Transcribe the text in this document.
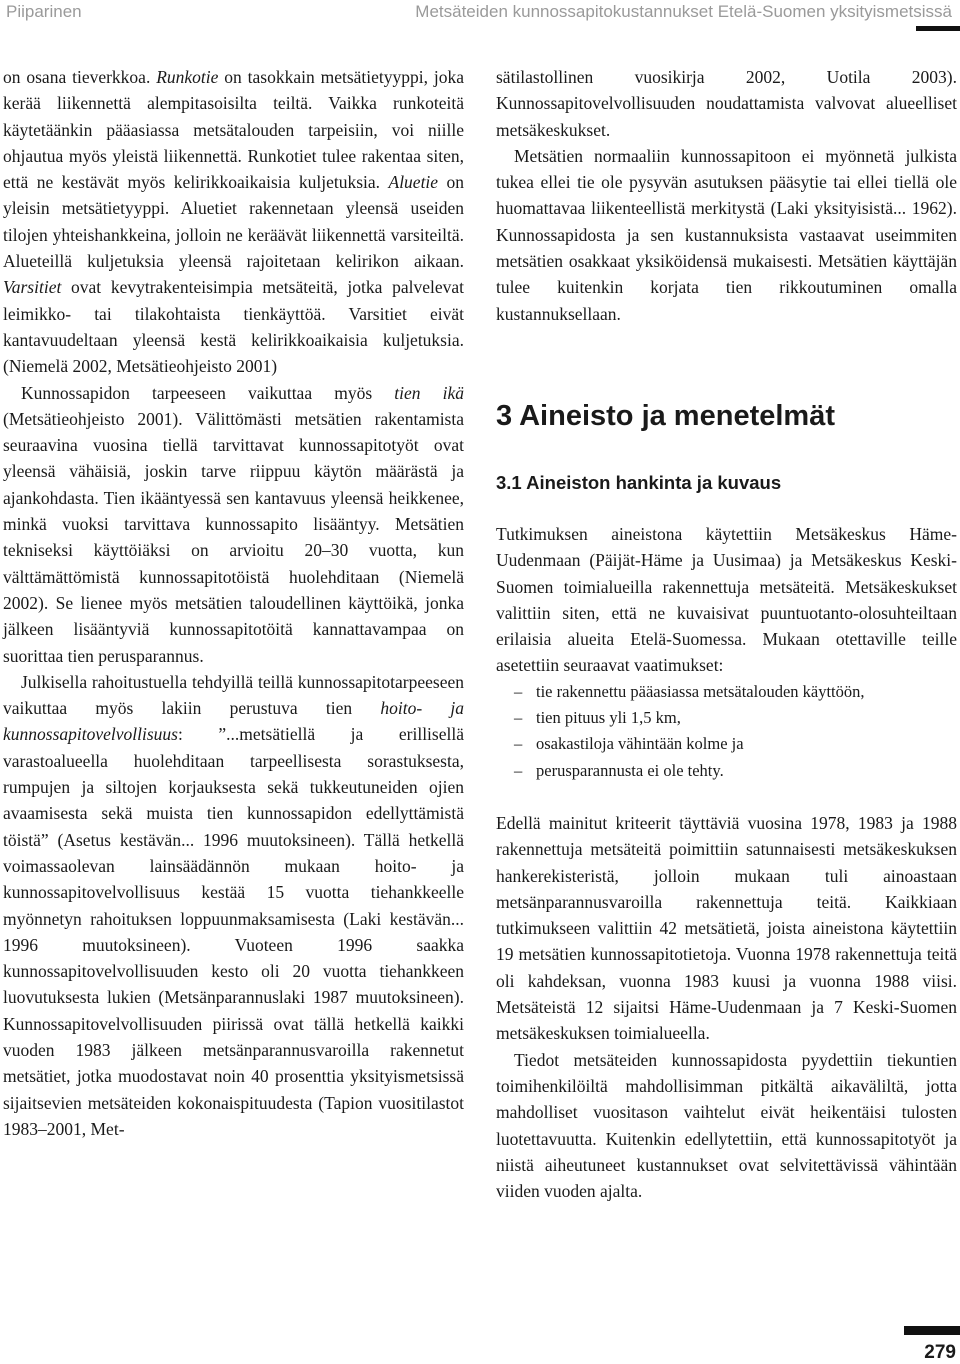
Piiparinen	Metsäteiden kunnossapitokustannukset Etelä-Suomen yksityismetsissä

on osana tieverkkoa. Runkotie on tasokkain metsätietyyppi, joka kerää liikennettä alempitasoisilta teiltä. Vaikka runkoteitä käytetäänkin pääasiassa metsätalouden tarpeisiin, voi niille ohjautua myös yleistä liikennettä. Runkotiet tulee rakentaa siten, että ne kestävät myös kelirikkoaikaisia kuljetuksia. Aluetie on yleisin metsätietyyppi. Aluetiet rakennetaan yleensä useiden tilojen yhteishankkeina, jolloin ne keräävät liikennettä varsiteiltä. Alueteillä kuljetuksia yleensä rajoitetaan kelirikon aikaan. Varsitiet ovat kevytrakenteisimpia metsäteitä, jotka palvelevat leimikko- tai tilakohtaista tienkäyttöä. Varsitiet eivät kantavuudeltaan yleensä kestä kelirikkoaikaisia kuljetuksia. (Niemelä 2002, Metsätieohjeisto 2001)

Kunnossapidon tarpeeseen vaikuttaa myös tien ikä (Metsätieohjeisto 2001). Välittömästi metsätien rakentamista seuraavina vuosina tiellä tarvittavat kunnossapitotyöt ovat yleensä vähäisiä, joskin tarve riippuu käytön määrästä ja ajankohdasta. Tien ikääntyessä sen kantavuus yleensä heikkenee, minkä vuoksi tarvittava kunnossapito lisääntyy. Metsätien tekniseksi käyttöiäksi on arvioitu 20–30 vuotta, kun välttämättömistä kunnossapitotöistä huolehditaan (Niemelä 2002). Se lienee myös metsätien taloudellinen käyttöikä, jonka jälkeen lisääntyviä kunnossapitotöitä kannattavampaa on suorittaa tien perusparannus.

Julkisella rahoitustuella tehdyillä teillä kunnossapitotarpeeseen vaikuttaa myös lakiin perustuva tien hoito- ja kunnossapitovelvollisuus: ”...metsätiellä ja erillisellä varastoalueella huolehditaan tarpeellisesta sorastuksesta, rumpujen ja siltojen korjauksesta sekä tukkeutuneiden ojien avaamisesta sekä muista tien kunnossapidon edellyttämistä töistä” (Asetus kestävän... 1996 muutoksineen). Tällä hetkellä voimassaolevan lainsäädännön mukaan hoito- ja kunnossapitovelvollisuus kestää 15 vuotta tiehankkeelle myönnetyn rahoituksen loppuunmaksamisesta (Laki kestävän... 1996 muutoksineen). Vuoteen 1996 saakka kunnossapitovelvollisuuden kesto oli 20 vuotta tiehankkeen luovutuksesta lukien (Metsänparannuslaki 1987 muutoksineen). Kunnossapitovelvollisuuden piirissä ovat tällä hetkellä kaikki vuoden 1983 jälkeen metsänparannusvaroilla rakennetut metsätiet, jotka muodostavat noin 40 prosenttia yksityismetsissä sijaitsevien metsäteiden kokonaispituudesta (Tapion vuositilastot 1983–2001, Met-

sätilastollinen vuosikirja 2002, Uotila 2003). Kunnossapitovelvollisuuden noudattamista valvovat alueelliset metsäkeskukset.

Metsätien normaaliin kunnossapitoon ei myönnetä julkista tukea ellei tie ole pysyvän asutuksen pääsytie tai ellei tiellä ole huomattavaa liikenteellistä merkitystä (Laki yksityisistä... 1962). Kunnossapidosta ja sen kustannuksista vastaavat useimmiten metsätien osakkaat yksiköidensä mukaisesti. Metsätien käyttäjän tulee kuitenkin korjata tien rikkoutuminen omalla kustannuksellaan.

3 Aineisto ja menetelmät
3.1 Aineiston hankinta ja kuvaus

Tutkimuksen aineistona käytettiin Metsäkeskus Häme-Uudenmaan (Päijät-Häme ja Uusimaa) ja Metsäkeskus Keski-Suomen toimialueilla rakennettuja metsäteitä. Metsäkeskukset valittiin siten, että ne kuvaisivat puuntuotanto-olosuhteiltaan erilaisia alueita Etelä-Suomessa. Mukaan otettaville teille asetettiin seuraavat vaatimukset:

– tie rakennettu pääasiassa metsätalouden käyttöön,
– tien pituus yli 1,5 km,
– osakastiloja vähintään kolme ja
– perusparannusta ei ole tehty.

Edellä mainitut kriteerit täyttäviä vuosina 1978, 1983 ja 1988 rakennettuja metsäteitä poimittiin satunnaisesti metsäkeskuksen hankerekisteristä, jolloin mukaan tuli ainoastaan metsänparannusvaroilla rakennettuja teitä. Kaikkiaan tutkimukseen valittiin 42 metsätietä, joista aineistona käytettiin 19 metsätien kunnossapitotietoja. Vuonna 1978 rakennettuja teitä oli kahdeksan, vuonna 1983 kuusi ja vuonna 1988 viisi. Metsäteistä 12 sijaitsi Häme-Uudenmaan ja 7 Keski-Suomen metsäkeskuksen toimialueella.

Tiedot metsäteiden kunnossapidosta pyydettiin tiekuntien toimihenkilöiltä mahdollisimman pitkältä aikaväliltä, jotta mahdolliset vuositason vaihtelut eivät heikentäisi tulosten luotettavuutta. Kuitenkin edellytettiin, että kunnossapitotyöt ja niistä aiheutuneet kustannukset ovat selvitettävissä vähintään viiden vuoden ajalta.

279
